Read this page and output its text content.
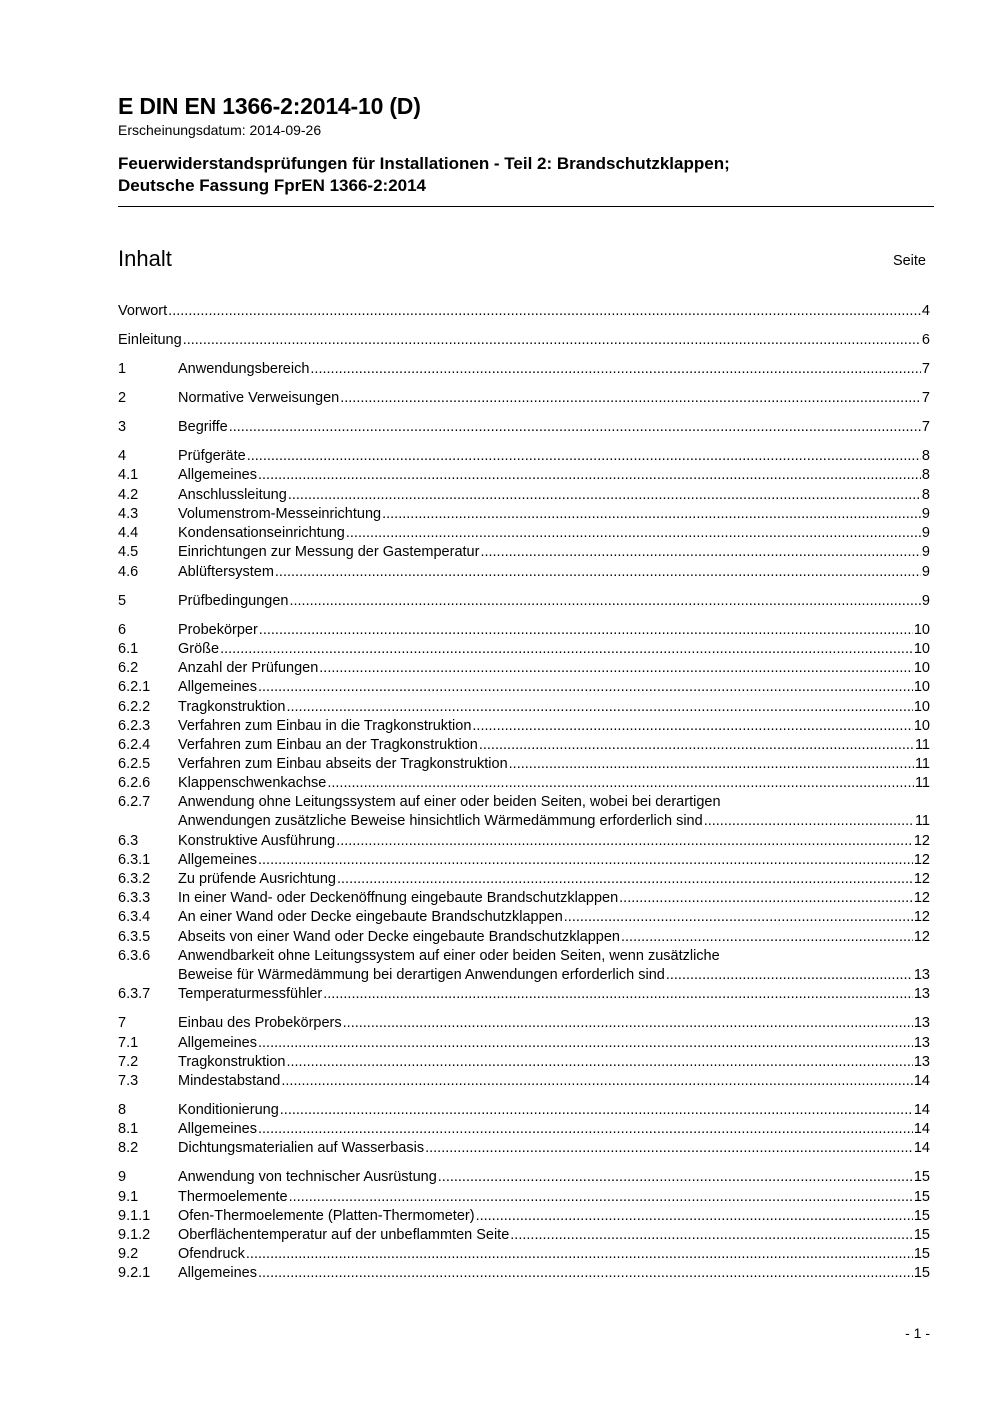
E DIN EN 1366-2:2014-10 (D)

Erscheinungsdatum: 2014-09-26

Feuerwiderstandsprüfungen für Installationen - Teil 2: Brandschutzklappen;
Deutsche Fassung FprEN 1366-2:2014

Inhalt	Seite
Vorwort .....	4
Einleitung .....	6
1	Anwendungsbereich .....	7
2	Normative Verweisungen .....	7
3	Begriffe .....	7
4	Prüfgeräte .....	8
4.1	Allgemeines .....	8
4.2	Anschlussleitung .....	8
4.3	Volumenstrom-Messeinrichtung .....	9
4.4	Kondensationseinrichtung .....	9
4.5	Einrichtungen zur Messung der Gastemperatur .....	9
4.6	Ablüftersystem .....	9
5	Prüfbedingungen .....	9
6	Probekörper .....	10
6.1	Größe .....	10
6.2	Anzahl der Prüfungen .....	10
6.2.1 Allgemeines .....	10
6.2.2 Tragkonstruktion .....	10
6.2.3 Verfahren zum Einbau in die Tragkonstruktion .....	10
6.2.4 Verfahren zum Einbau an der Tragkonstruktion .....	11
6.2.5 Verfahren zum Einbau abseits der Tragkonstruktion .....	11
6.2.6 Klappenschwenkachse .....	11
6.2.7 Anwendung ohne Leitungssystem auf einer oder beiden Seiten, wobei bei derartigen
Anwendungen zusätzliche Beweise hinsichtlich Wärmedämmung erforderlich sind .....	11
6.3	Konstruktive Ausführung .....	12
6.3.1 Allgemeines .....	12
6.3.2 Zu prüfende Ausrichtung .....	12
6.3.3 In einer Wand- oder Deckenöffnung eingebaute Brandschutzklappen .....	12
6.3.4 An einer Wand oder Decke eingebaute Brandschutzklappen .....	12
6.3.5 Abseits von einer Wand oder Decke eingebaute Brandschutzklappen .....	12
6.3.6 Anwendbarkeit ohne Leitungssystem auf einer oder beiden Seiten, wenn zusätzliche
Beweise für Wärmedämmung bei derartigen Anwendungen erforderlich sind .....	13
6.3.7 Temperaturmessfühler .....	13
7	Einbau des Probekörpers .....	13
7.1	Allgemeines .....	13
7.2	Tragkonstruktion .....	13
7.3	Mindestabstand .....	14
8	Konditionierung .....	14
8.1	Allgemeines .....	14
8.2	Dichtungsmaterialien auf Wasserbasis .....	14
9	Anwendung von technischer Ausrüstung .....	15
9.1	Thermoelemente .....	15
9.1.1 Ofen-Thermoelemente (Platten-Thermometer) .....	15
9.1.2 Oberflächentemperatur auf der unbeflammten Seite .....	15
9.2	Ofendruck .....	15
9.2.1 Allgemeines .....	15
- 1 -
